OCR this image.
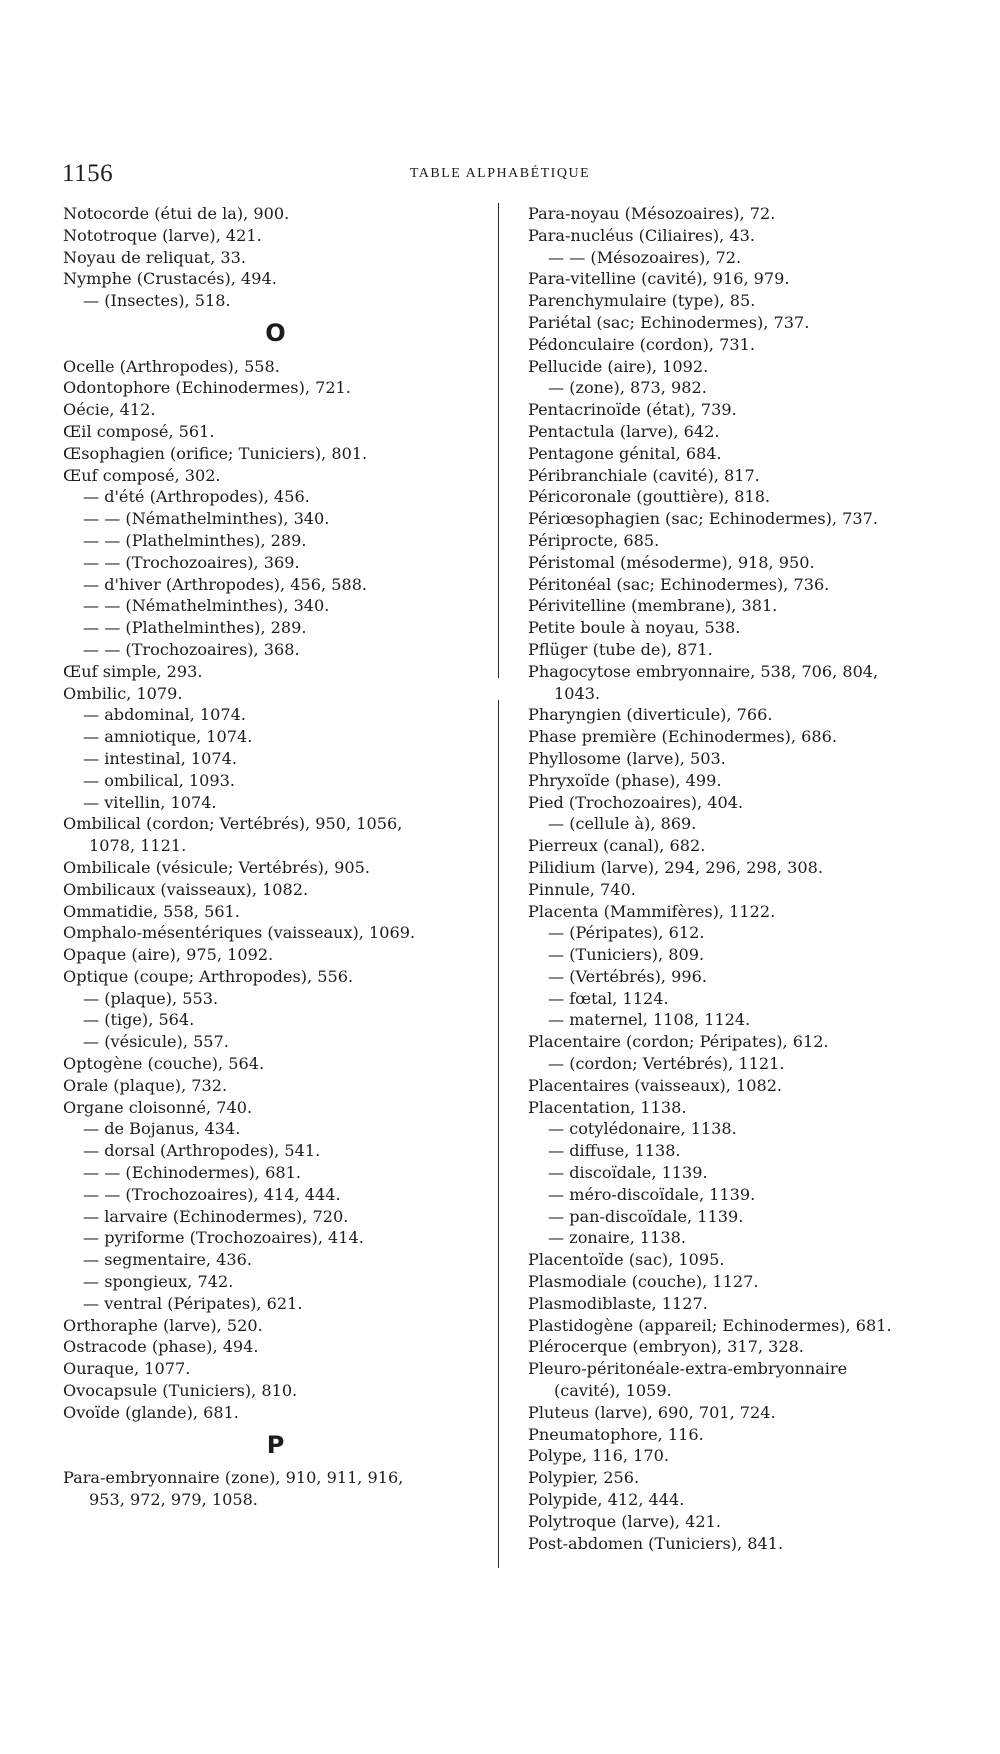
1156	TABLE ALPHABÉTIQUE
Notocorde (étui de la), 900.
Nototroque (larve), 421.
Noyau de reliquat, 33.
Nymphe (Crustacés), 494.
— (Insectes), 518.
O
Ocelle (Arthropodes), 558.
Odontophore (Echinodermes), 721.
Oécie, 412.
Œil composé, 561.
Œsophagien (orifice; Tuniciers), 801.
Œuf composé, 302.
— d'été (Arthropodes), 456.
— — (Némathelminthes), 340.
— — (Plathelminthes), 289.
— — (Trochozoaires), 369.
— d'hiver (Arthropodes), 456, 588.
— — (Némathelminthes), 340.
— — (Plathelminthes), 289.
— — (Trochozoaires), 368.
Œuf simple, 293.
Ombilic, 1079.
— abdominal, 1074.
— amniotique, 1074.
— intestinal, 1074.
— ombilical, 1093.
— vitellin, 1074.
Ombilical (cordon; Vertébrés), 950, 1056,
1078, 1121.
Ombilicale (vésicule; Vertébrés), 905.
Ombilicaux (vaisseaux), 1082.
Ommatidie, 558, 561.
Omphalo-mésentériques (vaisseaux), 1069.
Opaque (aire), 975, 1092.
Optique (coupe; Arthropodes), 556.
— (plaque), 553.
— (tige), 564.
— (vésicule), 557.
Optogène (couche), 564.
Orale (plaque), 732.
Organe cloisonné, 740.
— de Bojanus, 434.
— dorsal (Arthropodes), 541.
— — (Echinodermes), 681.
— — (Trochozoaires), 414, 444.
— larvaire (Echinodermes), 720.
— pyriforme (Trochozoaires), 414.
— segmentaire, 436.
— spongieux, 742.
— ventral (Péripates), 621.
Orthoraphe (larve), 520.
Ostracode (phase), 494.
Ouraque, 1077.
Ovocapsule (Tuniciers), 810.
Ovoïde (glande), 681.
P
Para-embryonnaire (zone), 910, 911, 916,
953, 972, 979, 1058.
Para-noyau (Mésozoaires), 72.
Para-nucléus (Ciliaires), 43.
— — (Mésozoaires), 72.
Para-vitelline (cavité), 916, 979.
Parenchymulaire (type), 85.
Pariétal (sac; Echinodermes), 737.
Pédonculaire (cordon), 731.
Pellucide (aire), 1092.
— (zone), 873, 982.
Pentacrinoïde (état), 739.
Pentactula (larve), 642.
Pentagone génital, 684.
Péribranchiale (cavité), 817.
Péricoronale (gouttière), 818.
Périœsophagien (sac; Echinodermes), 737.
Périprocte, 685.
Péristomal (mésoderme), 918, 950.
Péritonéal (sac; Echinodermes), 736.
Périvitelline (membrane), 381.
Petite boule à noyau, 538.
Pflüger (tube de), 871.
Phagocytose embryonnaire, 538, 706, 804,
1043.
Pharyngien (diverticule), 766.
Phase première (Echinodermes), 686.
Phyllosome (larve), 503.
Phryxoïde (phase), 499.
Pied (Trochozoaires), 404.
— (cellule à), 869.
Pierreux (canal), 682.
Pilidium (larve), 294, 296, 298, 308.
Pinnule, 740.
Placenta (Mammifères), 1122.
— (Péripates), 612.
— (Tuniciers), 809.
— (Vertébrés), 996.
— fœtal, 1124.
— maternel, 1108, 1124.
Placentaire (cordon; Péripates), 612.
— (cordon; Vertébrés), 1121.
Placentaires (vaisseaux), 1082.
Placentation, 1138.
— cotylédonaire, 1138.
— diffuse, 1138.
— discoïdale, 1139.
— méro-discoïdale, 1139.
— pan-discoïdale, 1139.
— zonaire, 1138.
Placentoïde (sac), 1095.
Plasmodiale (couche), 1127.
Plasmodiblaste, 1127.
Plastidogène (appareil; Echinodermes), 681.
Plérocerque (embryon), 317, 328.
Pleuro-péritonéale-extra-embryonnaire
(cavité), 1059.
Pluteus (larve), 690, 701, 724.
Pneumatophore, 116.
Polype, 116, 170.
Polypier, 256.
Polypide, 412, 444.
Polytroque (larve), 421.
Post-abdomen (Tuniciers), 841.
